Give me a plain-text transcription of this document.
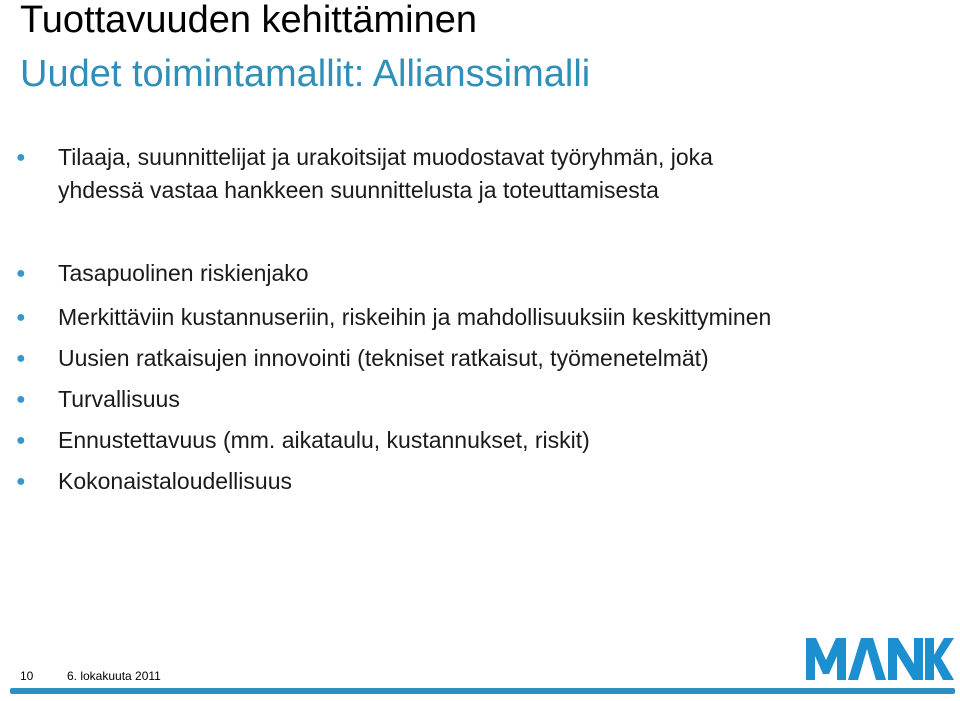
Tuottavuuden kehittäminen
Uudet toimintamallit: Allianssimalli
● Tilaaja, suunnittelijat ja urakoitsijat muodostavat työryhmän, joka
yhdessä vastaa hankkeen suunnittelusta ja toteuttamisesta
● Tasapuolinen riskienjako
● Merkittäviin kustannuseriin, riskeihin ja mahdollisuuksiin keskittyminen
● Uusien ratkaisujen innovointi (tekniset ratkaisut, työmenetelmät)
● Turvallisuus
● Ennustettavuus (mm. aikataulu, kustannukset, riskit)
● Kokonaistaloudellisuus
10	6. lokakuuta 2011
